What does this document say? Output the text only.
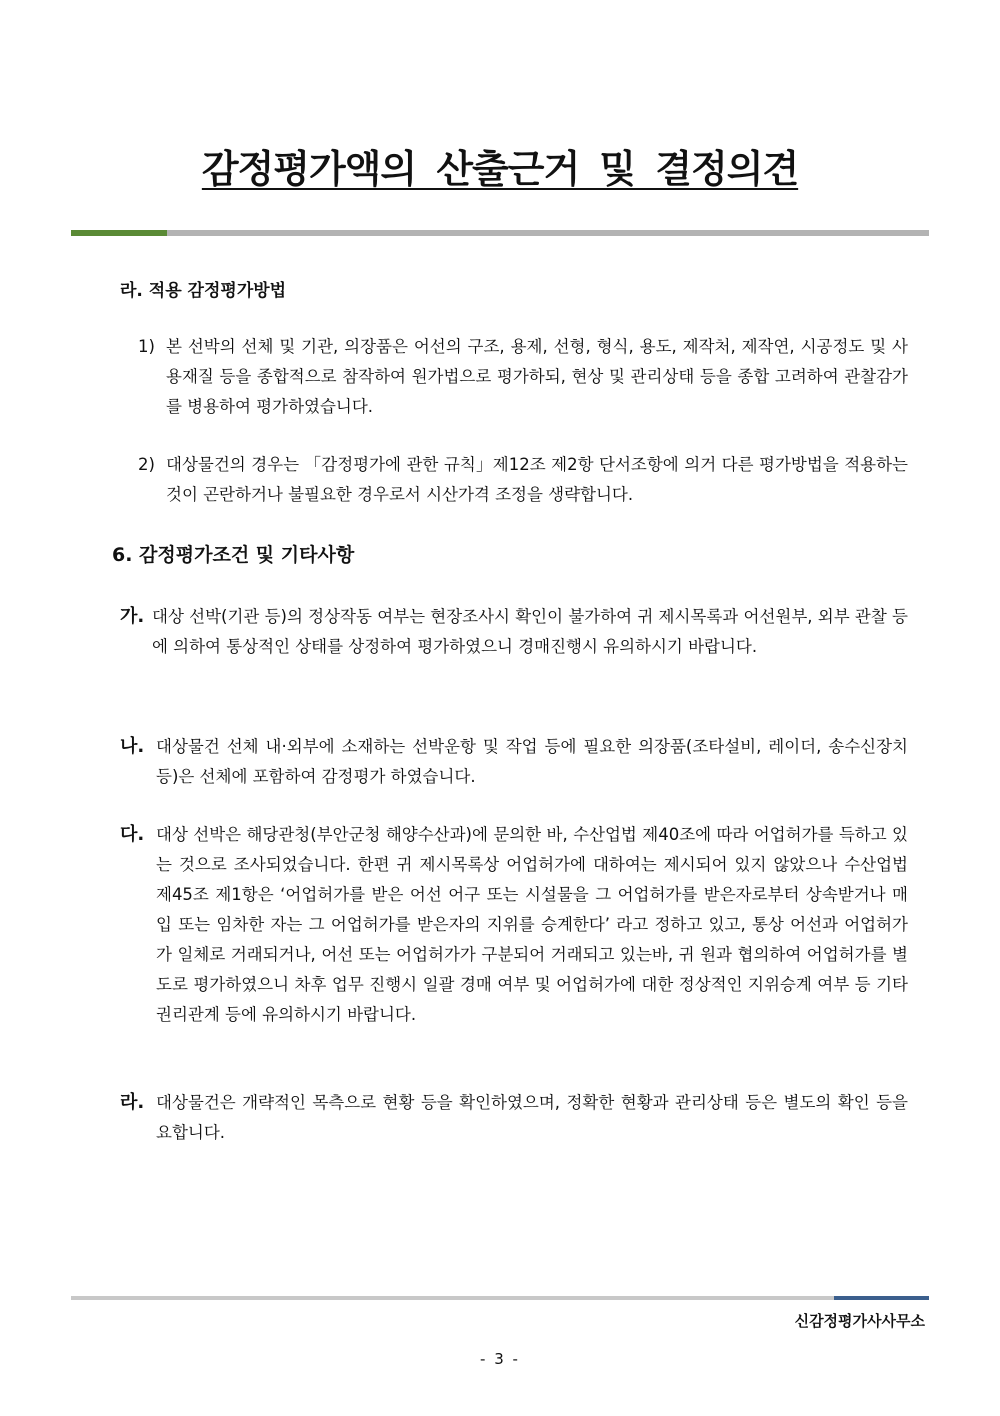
감정평가액의 산출근거 및 결정의견
라. 적용 감정평가방법
1) 본 선박의 선체 및 기관, 의장품은 어선의 구조, 용제, 선형, 형식, 용도, 제작처, 제작연, 시공정도 및 사용재질 등을 종합적으로 참작하여 원가법으로 평가하되, 현상 및 관리상태 등을 종합 고려하여 관찰감가를 병용하여 평가하였습니다.
2) 대상물건의 경우는 「감정평가에 관한 규칙」제12조 제2항 단서조항에 의거 다른 평가방법을 적용하는 것이 곤란하거나 불필요한 경우로서 시산가격 조정을 생략합니다.
6. 감정평가조건 및 기타사항
가. 대상 선박(기관 등)의 정상작동 여부는 현장조사시 확인이 불가하여 귀 제시목록과 어선원부, 외부 관찰 등에 의하여 통상적인 상태를 상정하여 평가하였으니 경매진행시 유의하시기 바랍니다.
나. 대상물건 선체 내·외부에 소재하는 선박운항 및 작업 등에 필요한 의장품(조타설비, 레이더, 송수신장치 등)은 선체에 포함하여 감정평가 하였습니다.
다. 대상 선박은 해당관청(부안군청 해양수산과)에 문의한 바, 수산업법 제40조에 따라 어업허가를 득하고 있는 것으로 조사되었습니다. 한편 귀 제시목록상 어업허가에 대하여는 제시되어 있지 않았으나 수산업법 제45조 제1항은 ‘어업허가를 받은 어선 어구 또는 시설물을 그 어업허가를 받은자로부터 상속받거나 매입 또는 임차한 자는 그 어업허가를 받은자의 지위를 승계한다’ 라고 정하고 있고, 통상 어선과 어업허가가 일체로 거래되거나, 어선 또는 어업허가가 구분되어 거래되고 있는바, 귀 원과 협의하여 어업허가를 별도로 평가하였으니 차후 업무 진행시 일괄 경매 여부 및 어업허가에 대한 정상적인 지위승계 여부 등 기타 권리관계 등에 유의하시기 바랍니다.
라. 대상물건은 개략적인 목측으로 현황 등을 확인하였으며, 정확한 현황과 관리상태 등은 별도의 확인 등을 요합니다.
신감정평가사사무소
- 3 -
